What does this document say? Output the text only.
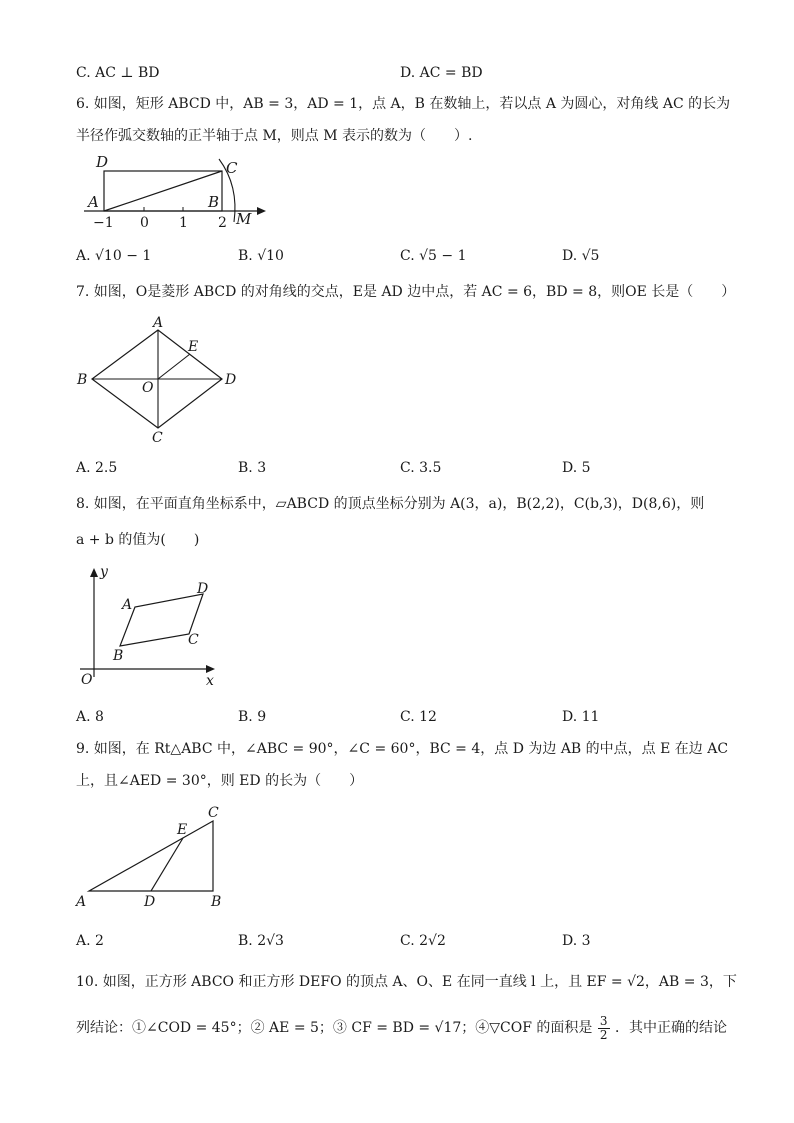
C. AC ⊥ BD	D. AC = BD
6. 如图，矩形 ABCD 中，AB = 3，AD = 1，点 A，B 在数轴上，若以点 A 为圆心，对角线 AC 的长为
半径作弧交数轴的正半轴于点 M，则点 M 表示的数为（　　）.
D	C
A	B
M
−1 0 1 2
A. √10 − 1	B. √10	C. √5 − 1	D. √5
7. 如图，O是菱形 ABCD 的对角线的交点，E是 AD 边中点，若 AC = 6，BD = 8，则OE 长是（　　）
A
B
C
D
E
O
A. 2.5	B. 3	C. 3.5	D. 5
8. 如图，在平面直角坐标系中，▱ABCD 的顶点坐标分别为 A(3，a)，B(2,2)，C(b,3)，D(8,6)，则
a + b 的值为(　　)
y
x
O
A
B
C
D
A. 8	B. 9	C. 12	D. 11
9. 如图，在 Rt△ABC 中，∠ABC = 90°，∠C = 60°，BC = 4，点 D 为边 AB 的中点，点 E 在边 AC
上，且∠AED = 30°，则 ED 的长为（　　）
A	D	B
C
E
A. 2	B. 2√3	C. 2√2	D. 3
10. 如图，正方形 ABCO 和正方形 DEFO 的顶点 A、O、E 在同一直线 l 上，且 EF = √2，AB = 3，下
列结论：①∠COD = 45°；② AE = 5；③ CF = BD = √17；④▽COF 的面积是 $\frac{3}{2}$ ．其中正确的结论
